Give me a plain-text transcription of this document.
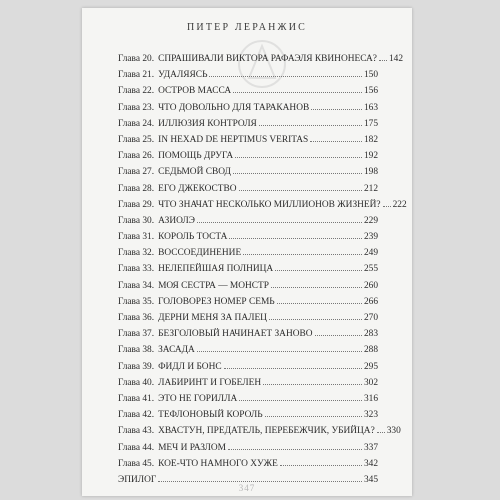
ПИТЕР ЛЕРАНЖИС
Глава 20. СПРАШИВАЛИ ВИКТОРА РАФАЭЛЯ КВИНОНЕСА? 142
Глава 21. УДАЛЯЯСЬ	150
Глава 22. ОСТРОВ МАССА	156
Глава 23. ЧТО ДОВОЛЬНО ДЛЯ ТАРАКАНОВ	163
Глава 24. ИЛЛЮЗИЯ КОНТРОЛЯ	175
Глава 25. IN HEXAD DE HEPTIMUS VERITAS	182
Глава 26. ПОМОЩЬ ДРУГА	192
Глава 27. СЕДЬМОЙ СВОД	198
Глава 28. ЕГО ДЖЕКОСТВО	212
Глава 29. ЧТО ЗНАЧАТ НЕСКОЛЬКО МИЛЛИОНОВ ЖИЗНЕЙ? 222
Глава 30. АЗИОЛЭ	229
Глава 31. КОРОЛЬ ТОСТА	239
Глава 32. ВОССОЕДИНЕНИЕ	249
Глава 33. НЕЛЕПЕЙШАЯ ПОЛНИЦА	255
Глава 34. МОЯ СЕСТРА — МОНСТР	260
Глава 35. ГОЛОВОРЕЗ НОМЕР СЕМЬ	266
Глава 36. ДЕРНИ МЕНЯ ЗА ПАЛЕЦ	270
Глава 37. БЕЗГОЛОВЫЙ НАЧИНАЕТ ЗАНОВО	283
Глава 38. ЗАСАДА	288
Глава 39. ФИДЛ И БОНС	295
Глава 40. ЛАБИРИНТ И ГОБЕЛЕН	302
Глава 41. ЭТО НЕ ГОРИЛЛА	316
Глава 42. ТЕФЛОНОВЫЙ КОРОЛЬ	323
Глава 43. ХВАСТУН, ПРЕДАТЕЛЬ, ПЕРЕБЕЖЧИК, УБИЙЦА? 330
Глава 44. МЕЧ И РАЗЛОМ	337
Глава 45. КОЕ-ЧТО НАМНОГО ХУЖЕ	342
ЭПИЛОГ	345
347
